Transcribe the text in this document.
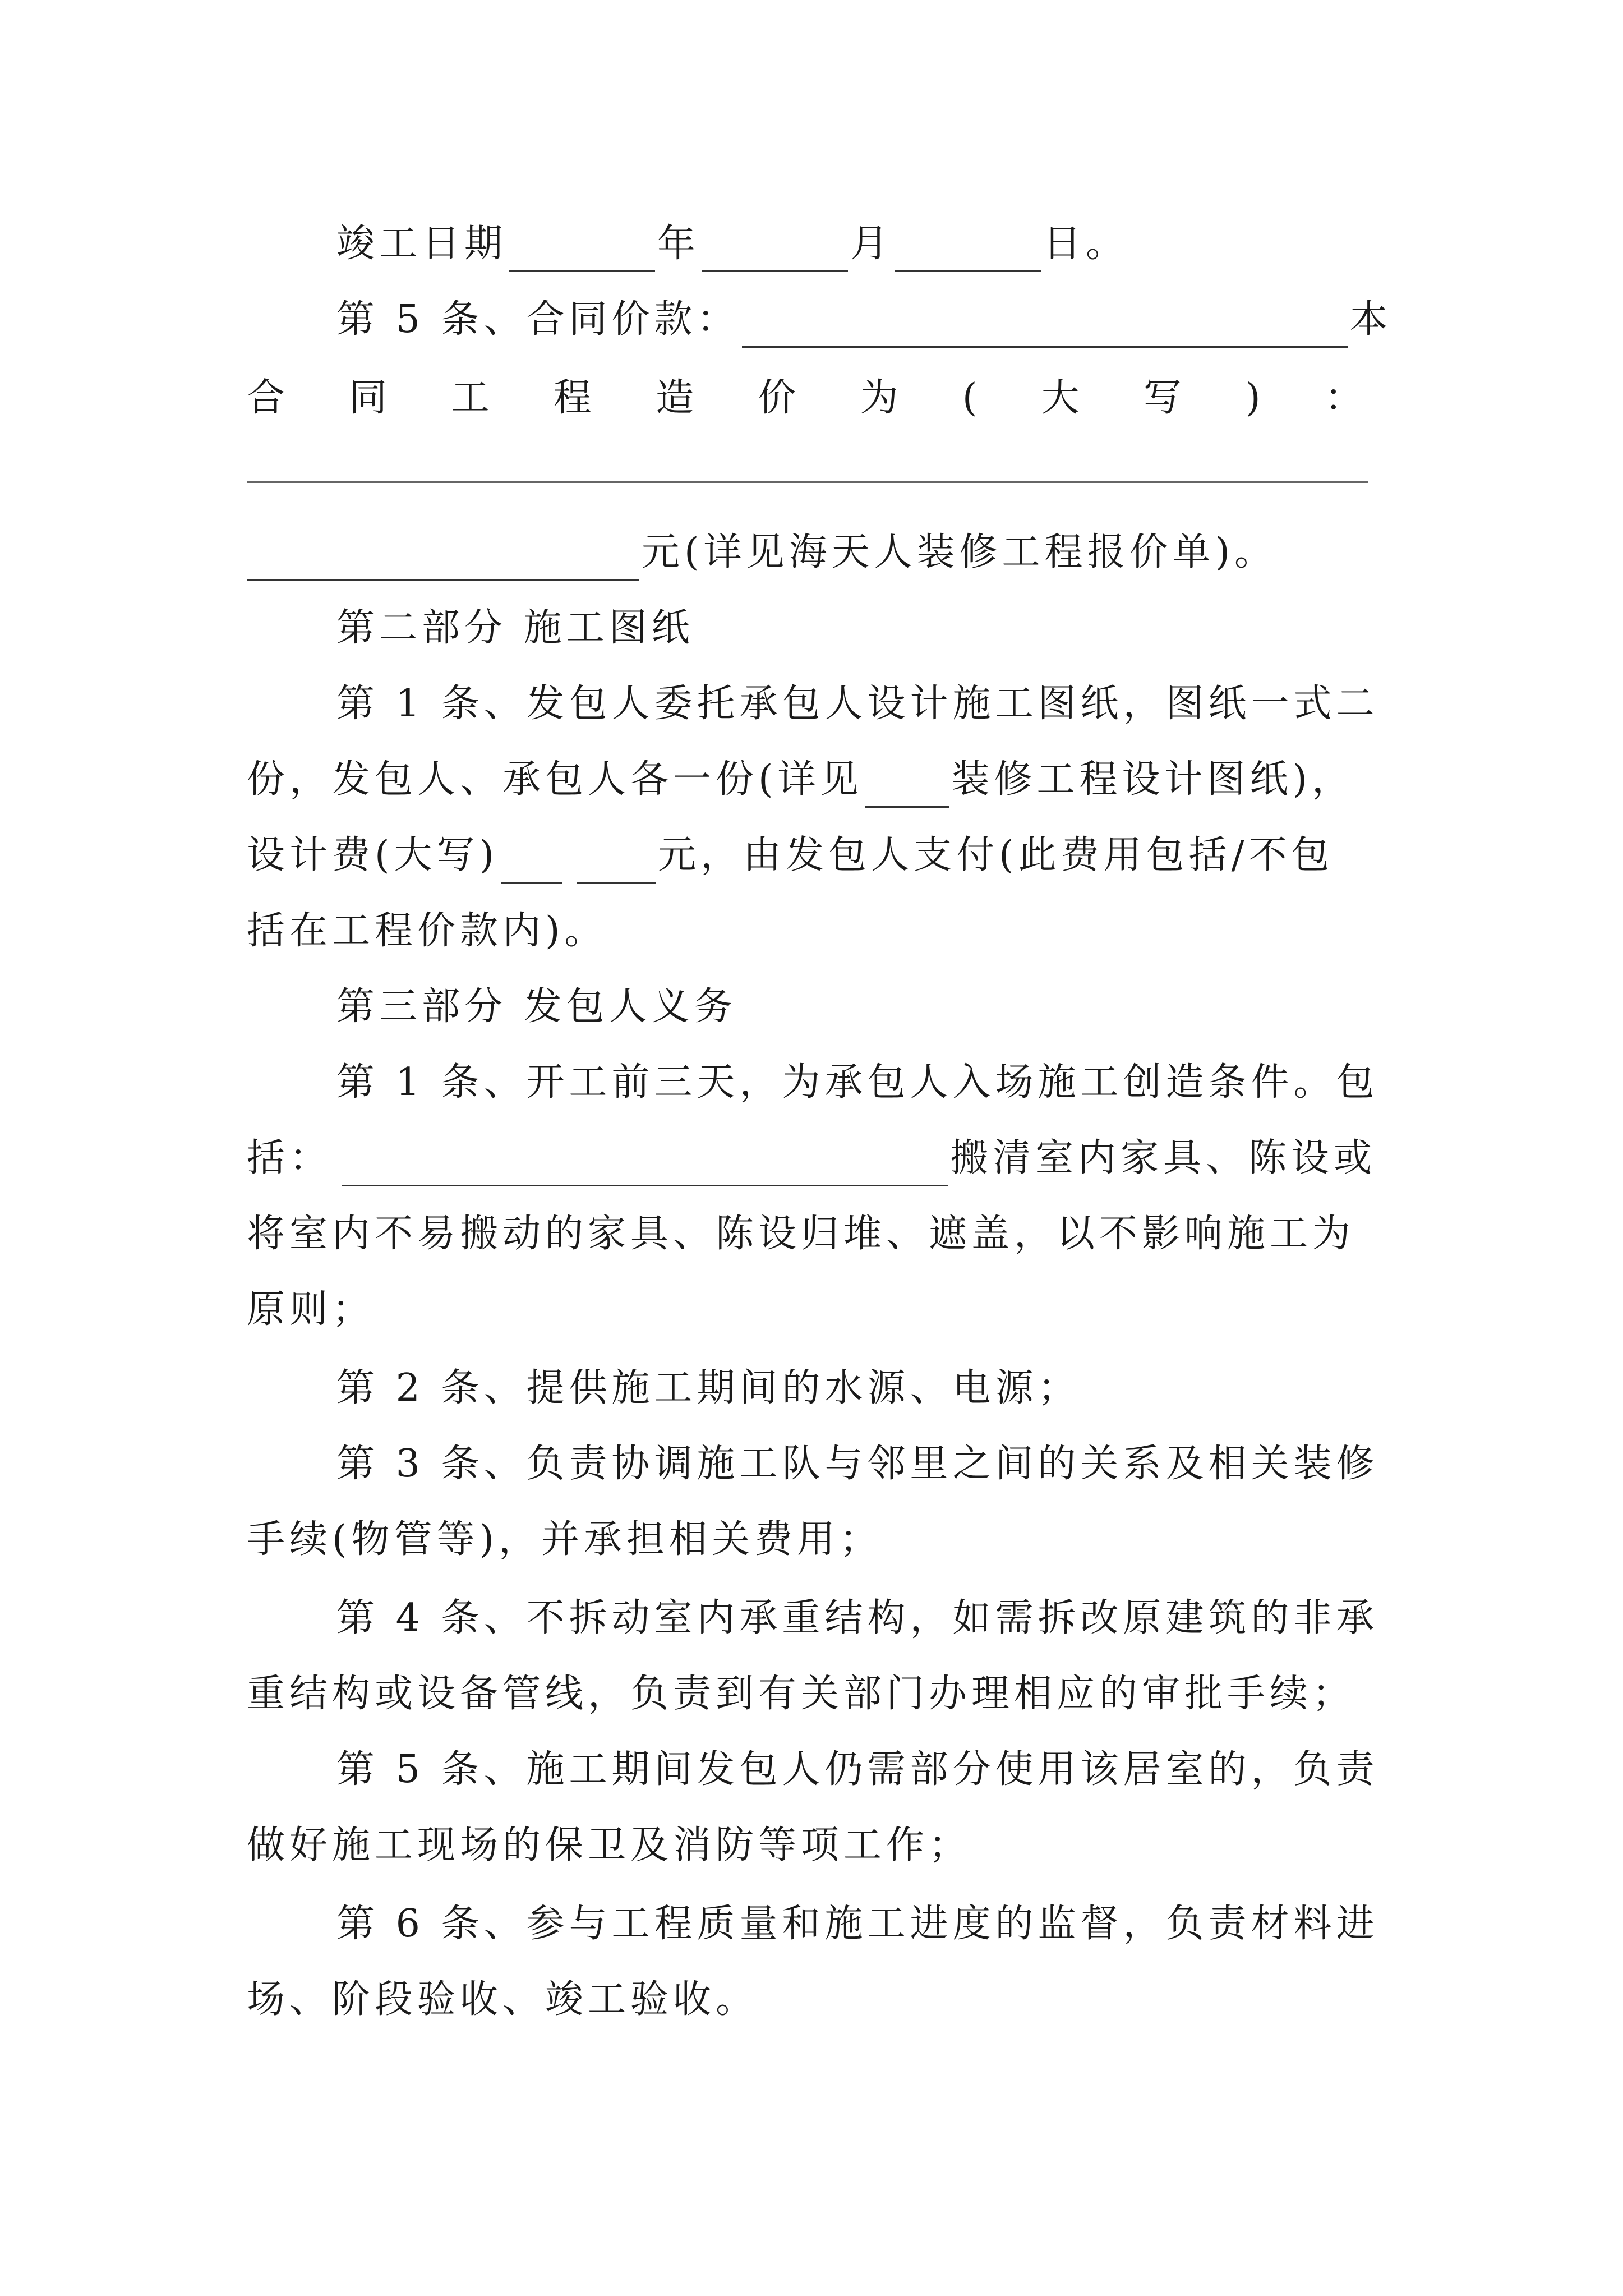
竣工日期	年	月	日。
第 5 条、合同价款：	本
合 同 工 程 造 价 为 ( 大 写 ) ：
元(详见海天人装修工程报价单)。
第二部分 施工图纸
第 1 条、发包人委托承包人设计施工图纸，图纸一式二
份，发包人、承包人各一份(详见 装修工程设计图纸)，
设计费(大写)	元，由发包人支付(此费用包括/不包
括在工程价款内)。
第三部分 发包人义务
第 1 条、开工前三天，为承包人入场施工创造条件。包
括：	搬清室内家具、陈设或
将室内不易搬动的家具、陈设归堆、遮盖，以不影响施工为
原则；
第 2 条、提供施工期间的水源、电源；
第 3 条、负责协调施工队与邻里之间的关系及相关装修
手续(物管等)，并承担相关费用；
第 4 条、不拆动室内承重结构，如需拆改原建筑的非承
重结构或设备管线，负责到有关部门办理相应的审批手续；
第 5 条、施工期间发包人仍需部分使用该居室的，负责
做好施工现场的保卫及消防等项工作；
第 6 条、参与工程质量和施工进度的监督，负责材料进
场、阶段验收、竣工验收。
